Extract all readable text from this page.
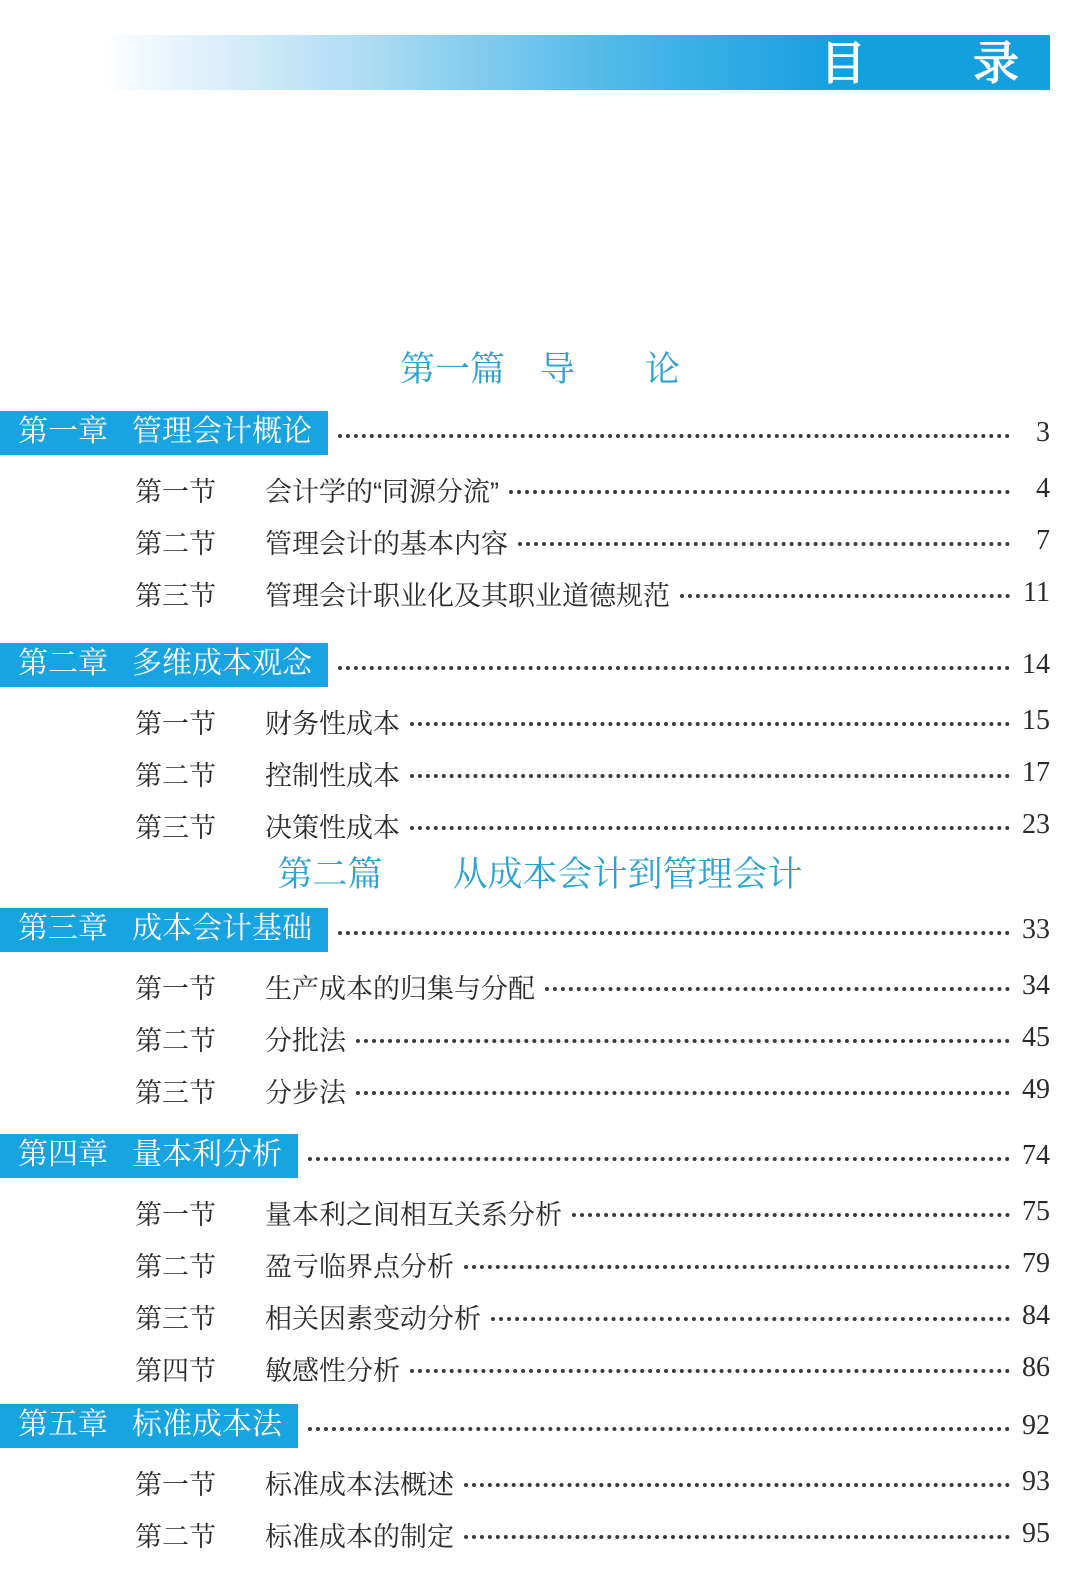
目　　录
第一篇　导　　论
第一章 管理会计概论	3
第一节	会计学的“同源分流”	4
第二节	管理会计的基本内容	7
第三节	管理会计职业化及其职业道德规范	11
第二章 多维成本观念	14
第一节	财务性成本	15
第二节	控制性成本	17
第三节	决策性成本	23
第二篇　　从成本会计到管理会计
第三章 成本会计基础	33
第一节	生产成本的归集与分配	34
第二节	分批法	45
第三节	分步法	49
第四章 量本利分析	74
第一节	量本利之间相互关系分析	75
第二节	盈亏临界点分析	79
第三节	相关因素变动分析	84
第四节	敏感性分析	86
第五章 标准成本法	92
第一节	标准成本法概述	93
第二节	标准成本的制定	95
